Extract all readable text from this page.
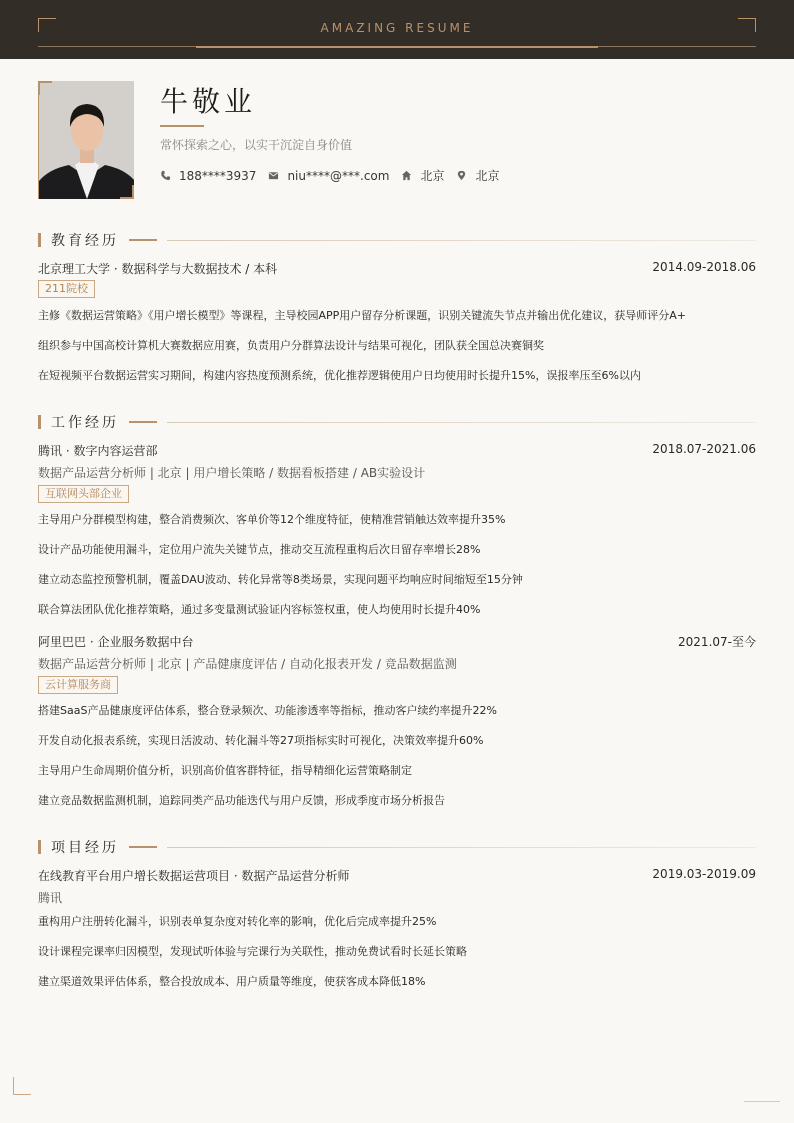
AMAZING RESUME
牛敬业
常怀探索之心，以实干沉淀自身价值
188****3937	niu****@***.com	北京	北京
教育经历
北京理工大学 · 数据科学与大数据技术 / 本科	2014.09-2018.06
211院校
主修《数据运营策略》《用户增长模型》等课程，主导校园APP用户留存分析课题，识别关键流失节点并输出优化建议，获导师评分A+
组织参与中国高校计算机大赛数据应用赛，负责用户分群算法设计与结果可视化，团队获全国总决赛铜奖
在短视频平台数据运营实习期间，构建内容热度预测系统，优化推荐逻辑使用户日均使用时长提升15%，误报率压至6%以内
工作经历
腾讯 · 数字内容运营部	2018.07-2021.06
数据产品运营分析师 | 北京 | 用户增长策略 / 数据看板搭建 / AB实验设计
互联网头部企业
主导用户分群模型构建，整合消费频次、客单价等12个维度特征，使精准营销触达效率提升35%
设计产品功能使用漏斗，定位用户流失关键节点，推动交互流程重构后次日留存率增长28%
建立动态监控预警机制，覆盖DAU波动、转化异常等8类场景，实现问题平均响应时间缩短至15分钟
联合算法团队优化推荐策略，通过多变量测试验证内容标签权重，使人均使用时长提升40%
阿里巴巴 · 企业服务数据中台	2021.07-至今
数据产品运营分析师 | 北京 | 产品健康度评估 / 自动化报表开发 / 竞品数据监测
云计算服务商
搭建SaaS产品健康度评估体系，整合登录频次、功能渗透率等指标，推动客户续约率提升22%
开发自动化报表系统，实现日活波动、转化漏斗等27项指标实时可视化，决策效率提升60%
主导用户生命周期价值分析，识别高价值客群特征，指导精细化运营策略制定
建立竞品数据监测机制，追踪同类产品功能迭代与用户反馈，形成季度市场分析报告
项目经历
在线教育平台用户增长数据运营项目 · 数据产品运营分析师	2019.03-2019.09
腾讯
重构用户注册转化漏斗，识别表单复杂度对转化率的影响，优化后完成率提升25%
设计课程完课率归因模型，发现试听体验与完课行为关联性，推动免费试看时长延长策略
建立渠道效果评估体系，整合投放成本、用户质量等维度，使获客成本降低18%
